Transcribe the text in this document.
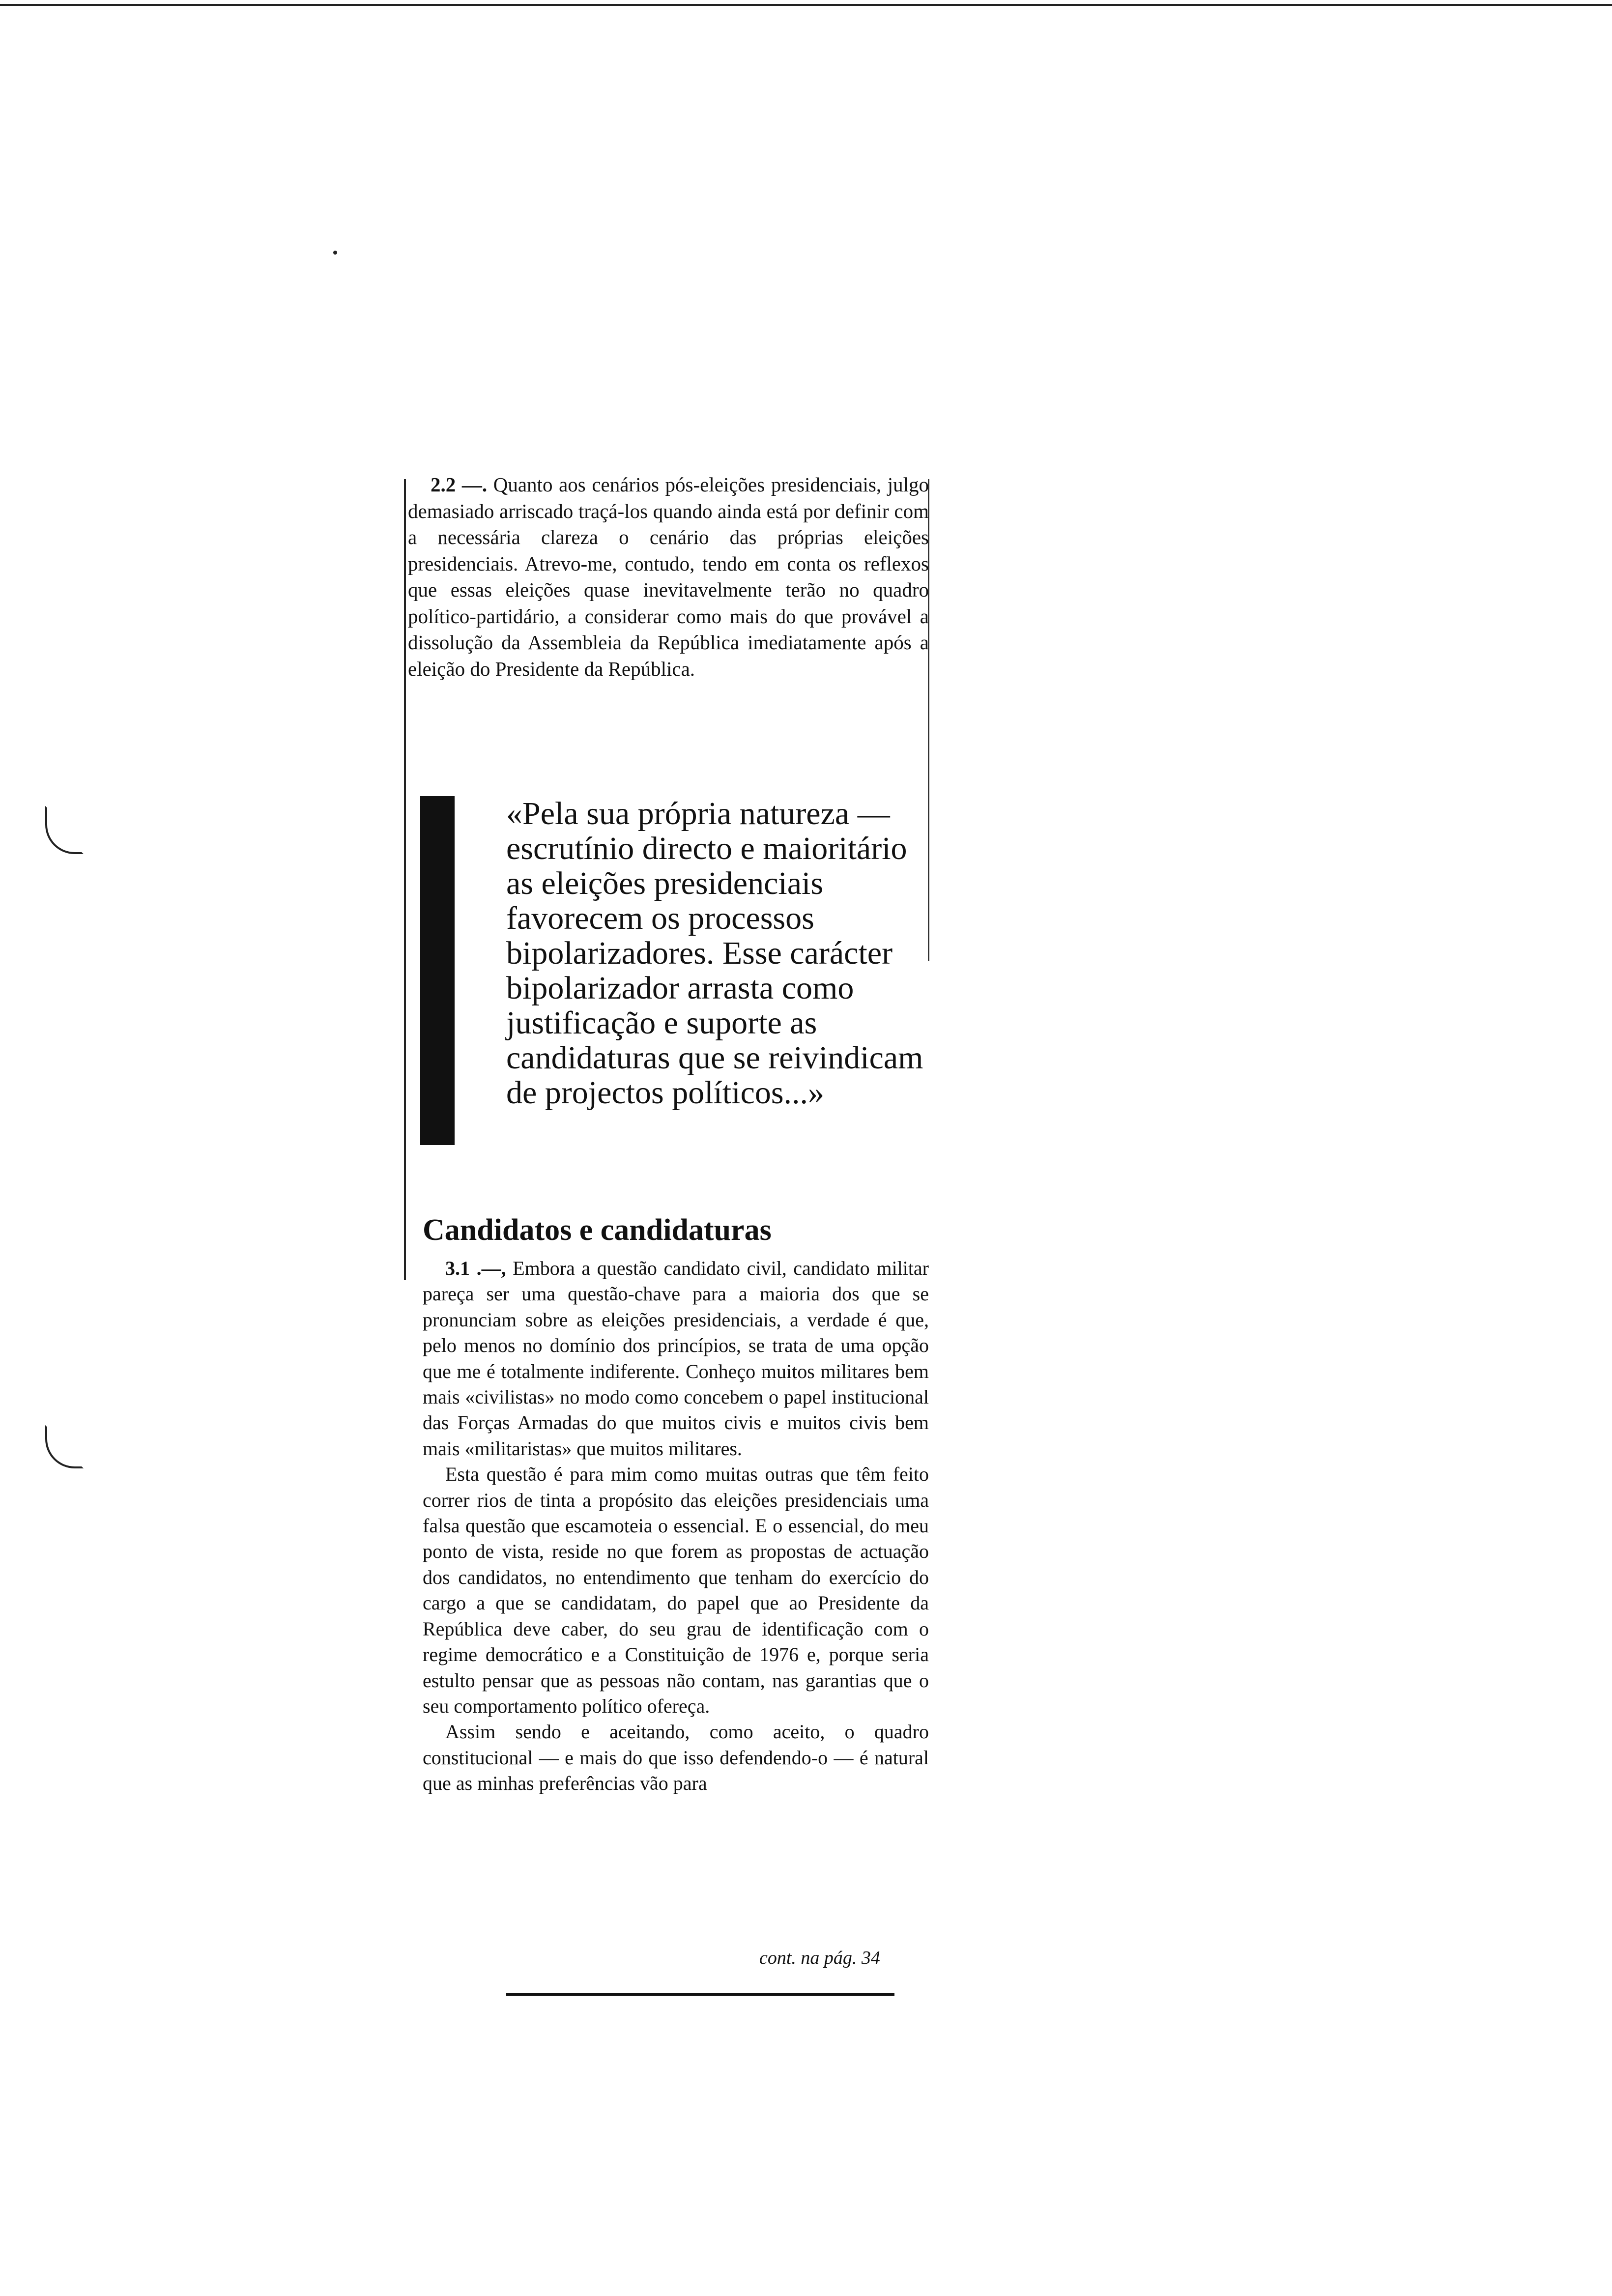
2.2 —. Quanto aos cenários pós-eleições presidenciais, julgo demasiado arriscado traçá-los quando ainda está por definir com a necessária clareza o cenário das próprias eleições presidenciais. Atrevo-me, contudo, tendo em conta os reflexos que essas eleições quase inevitavelmente terão no quadro político-partidário, a considerar como mais do que provável a dissolução da Assembleia da República imediatamente após a eleição do Presidente da República.

«Pela sua própria natureza — escrutínio directo e maioritário as eleições presidenciais favorecem os processos bipolarizadores. Esse carácter bipolarizador arrasta como justificação e suporte as candidaturas que se reivindicam de projectos políticos...»

Candidatos e candidaturas

3.1 .—, Embora a questão candidato civil, candidato militar pareça ser uma questão-chave para a maioria dos que se pronunciam sobre as eleições presidenciais, a verdade é que, pelo menos no domínio dos princípios, se trata de uma opção que me é totalmente indiferente. Conheço muitos militares bem mais «civilistas» no modo como concebem o papel institucional das Forças Armadas do que muitos civis e muitos civis bem mais «militaristas» que muitos militares.

Esta questão é para mim como muitas outras que têm feito correr rios de tinta a propósito das eleições presidenciais uma falsa questão que escamoteia o essencial. E o essencial, do meu ponto de vista, reside no que forem as propostas de actuação dos candidatos, no entendimento que tenham do exercício do cargo a que se candidatam, do papel que ao Presidente da República deve caber, do seu grau de identificação com o regime democrático e a Constituição de 1976 e, porque seria estulto pensar que as pessoas não contam, nas garantias que o seu comportamento político ofereça.

Assim sendo e aceitando, como aceito, o quadro constitucional — e mais do que isso defendendo-o — é natural que as minhas preferências vão para

cont. na pág. 34
